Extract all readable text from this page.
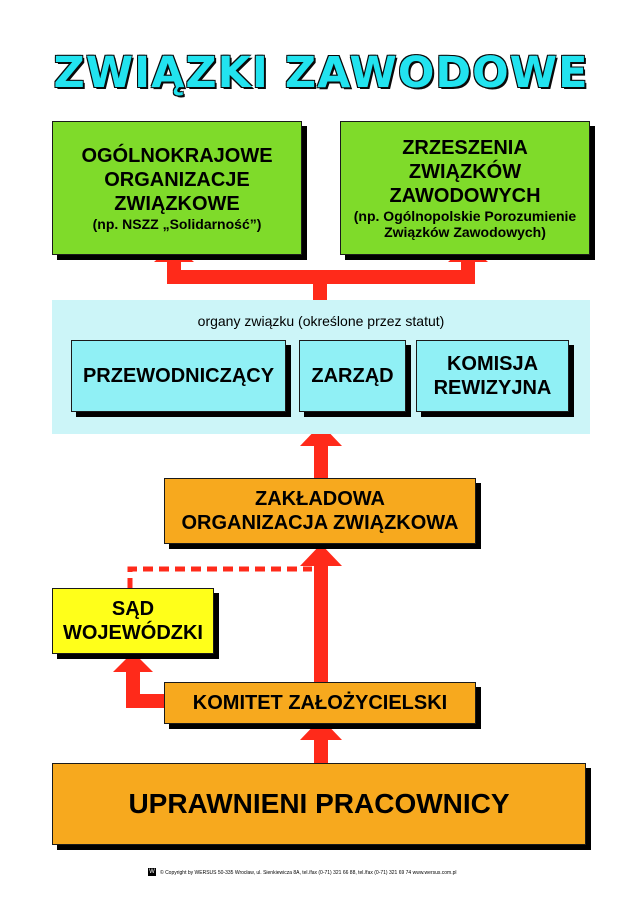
ZWIĄZKI ZAWODOWE
OGÓLNOKRAJOWE
ORGANIZACJE
ZWIĄZKOWE
(np. NSZZ „Solidarność”)
ZRZESZENIA
ZWIĄZKÓW
ZAWODOWYCH
(np. Ogólnopolskie Porozumienie
Związków Zawodowych)
organy związku (określone przez statut)
PRZEWODNICZĄCY ZARZĄD
KOMISJA
REWIZYJNA
ZAKŁADOWA
ORGANIZACJA ZWIĄZKOWA
SĄD
WOJEWÓDZKI
KOMITET ZAŁOŻYCIELSKI
UPRAWNIENI PRACOWNICY
W © Copyright by WERSUS 50-335 Wrocław, ul. Sienkiewicza 8A, tel./fax (0-71) 321 66 88, tel./fax (0-71) 321 69 74 www.wersus.com.pl
